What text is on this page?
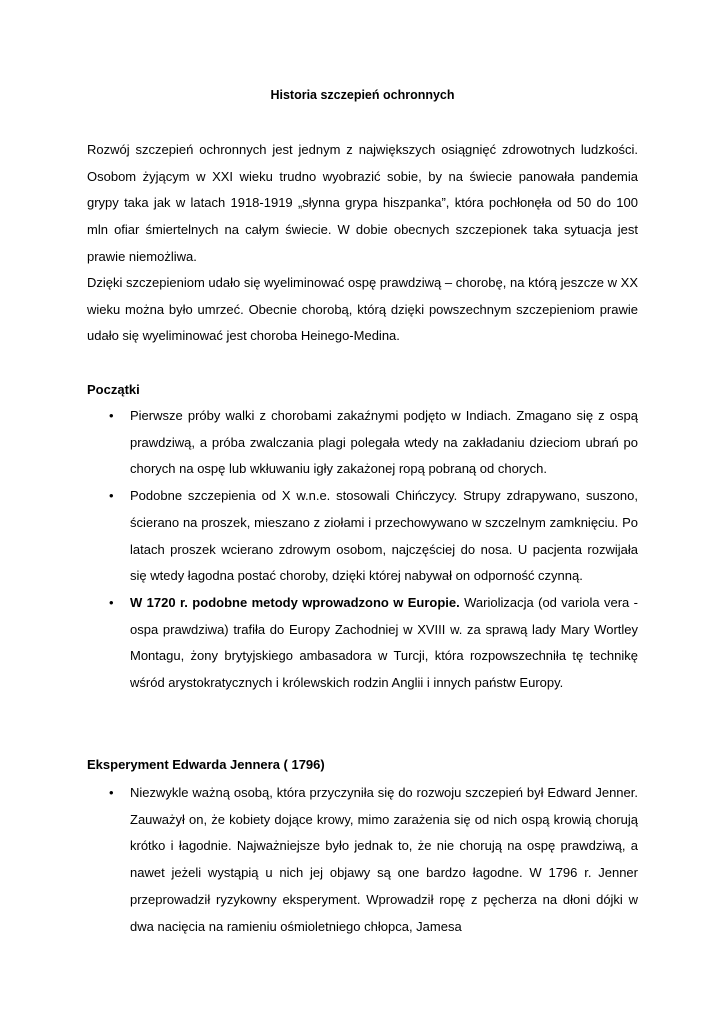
Historia szczepień ochronnych
Rozwój szczepień ochronnych jest jednym z największych osiągnięć zdrowotnych ludzkości. Osobom żyjącym w XXI wieku trudno wyobrazić sobie, by na świecie panowała pandemia grypy taka jak w latach 1918-1919 „słynna grypa hiszpanka”, która pochłonęła od 50 do 100 mln ofiar śmiertelnych na całym świecie. W dobie obecnych szczepionek taka sytuacja jest prawie niemożliwa.
Dzięki szczepieniom udało się wyeliminować ospę prawdziwą – chorobę, na którą jeszcze w XX wieku można było umrzeć. Obecnie chorobą, którą dzięki powszechnym szczepieniom prawie udało się wyeliminować jest choroba Heinego-Medina.
Początki
• Pierwsze próby walki z chorobami zakaźnymi podjęto w Indiach. Zmagano się z ospą prawdziwą, a próba zwalczania plagi polegała wtedy na zakładaniu dzieciom ubrań po chorych na ospę lub wkłuwaniu igły zakażonej ropą pobraną od chorych.
• Podobne szczepienia od X w.n.e. stosowali Chińczycy. Strupy zdrapywano, suszono, ścierano na proszek, mieszano z ziołami i przechowywano w szczelnym zamknięciu. Po latach proszek wcierano zdrowym osobom, najczęściej do nosa. U pacjenta rozwijała się wtedy łagodna postać choroby, dzięki której nabywał on odporność czynną.
• W 1720 r. podobne metody wprowadzono w Europie. Wariolizacja (od variola vera - ospa prawdziwa) trafiła do Europy Zachodniej w XVIII w. za sprawą lady Mary Wortley Montagu, żony brytyjskiego ambasadora w Turcji, która rozpowszechniła tę technikę wśród arystokratycznych i królewskich rodzin Anglii i innych państw Europy.
Eksperyment Edwarda Jennera ( 1796)
• Niezwykle ważną osobą, która przyczyniła się do rozwoju szczepień był Edward Jenner. Zauważył on, że kobiety dojące krowy, mimo zarażenia się od nich ospą krowią chorują krótko i łagodnie. Najważniejsze było jednak to, że nie chorują na ospę prawdziwą, a nawet jeżeli wystąpią u nich jej objawy są one bardzo łagodne. W 1796 r. Jenner przeprowadził ryzykowny eksperyment. Wprowadził ropę z pęcherza na dłoni dójki w dwa nacięcia na ramieniu ośmioletniego chłopca, Jamesa
